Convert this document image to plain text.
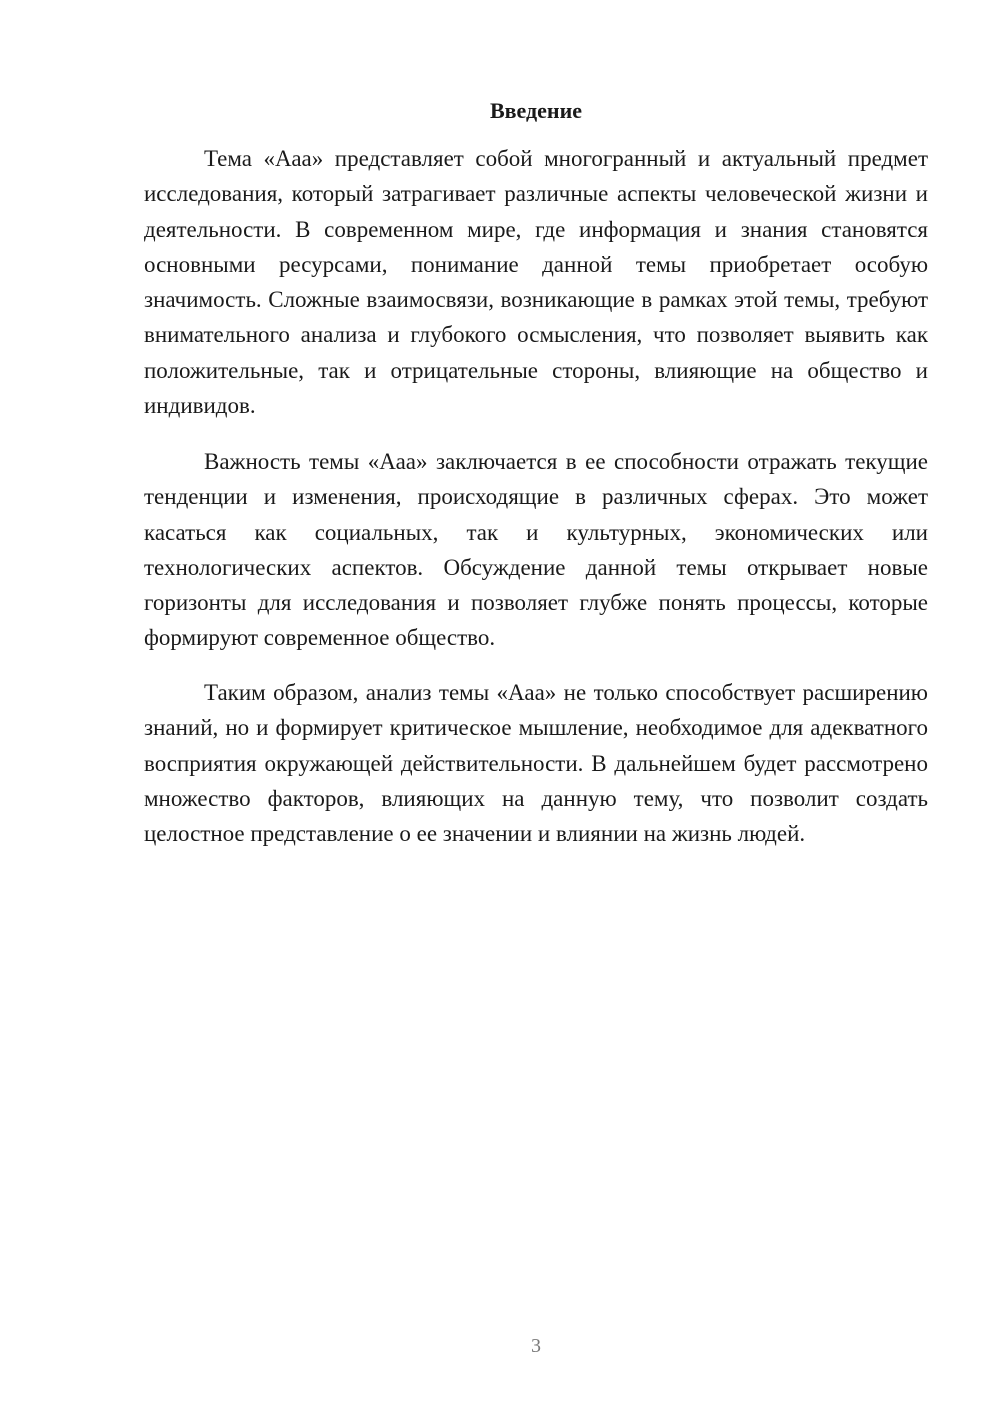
Введение

Тема «Ааа» представляет собой многогранный и актуальный предмет исследования, который затрагивает различные аспекты человеческой жизни и деятельности. В современном мире, где информация и знания становятся основными ресурсами, понимание данной темы приобретает особую значимость. Сложные взаимосвязи, возникающие в рамках этой темы, требуют внимательного анализа и глубокого осмысления, что позволяет выявить как положительные, так и отрицательные стороны, влияющие на общество и индивидов.

Важность темы «Ааа» заключается в ее способности отражать текущие тенденции и изменения, происходящие в различных сферах. Это может касаться как социальных, так и культурных, экономических или технологических аспектов. Обсуждение данной темы открывает новые горизонты для исследования и позволяет глубже понять процессы, которые формируют современное общество.

Таким образом, анализ темы «Ааа» не только способствует расширению знаний, но и формирует критическое мышление, необходимое для адекватного восприятия окружающей действительности. В дальнейшем будет рассмотрено множество факторов, влияющих на данную тему, что позволит создать целостное представление о ее значении и влиянии на жизнь людей.

3
